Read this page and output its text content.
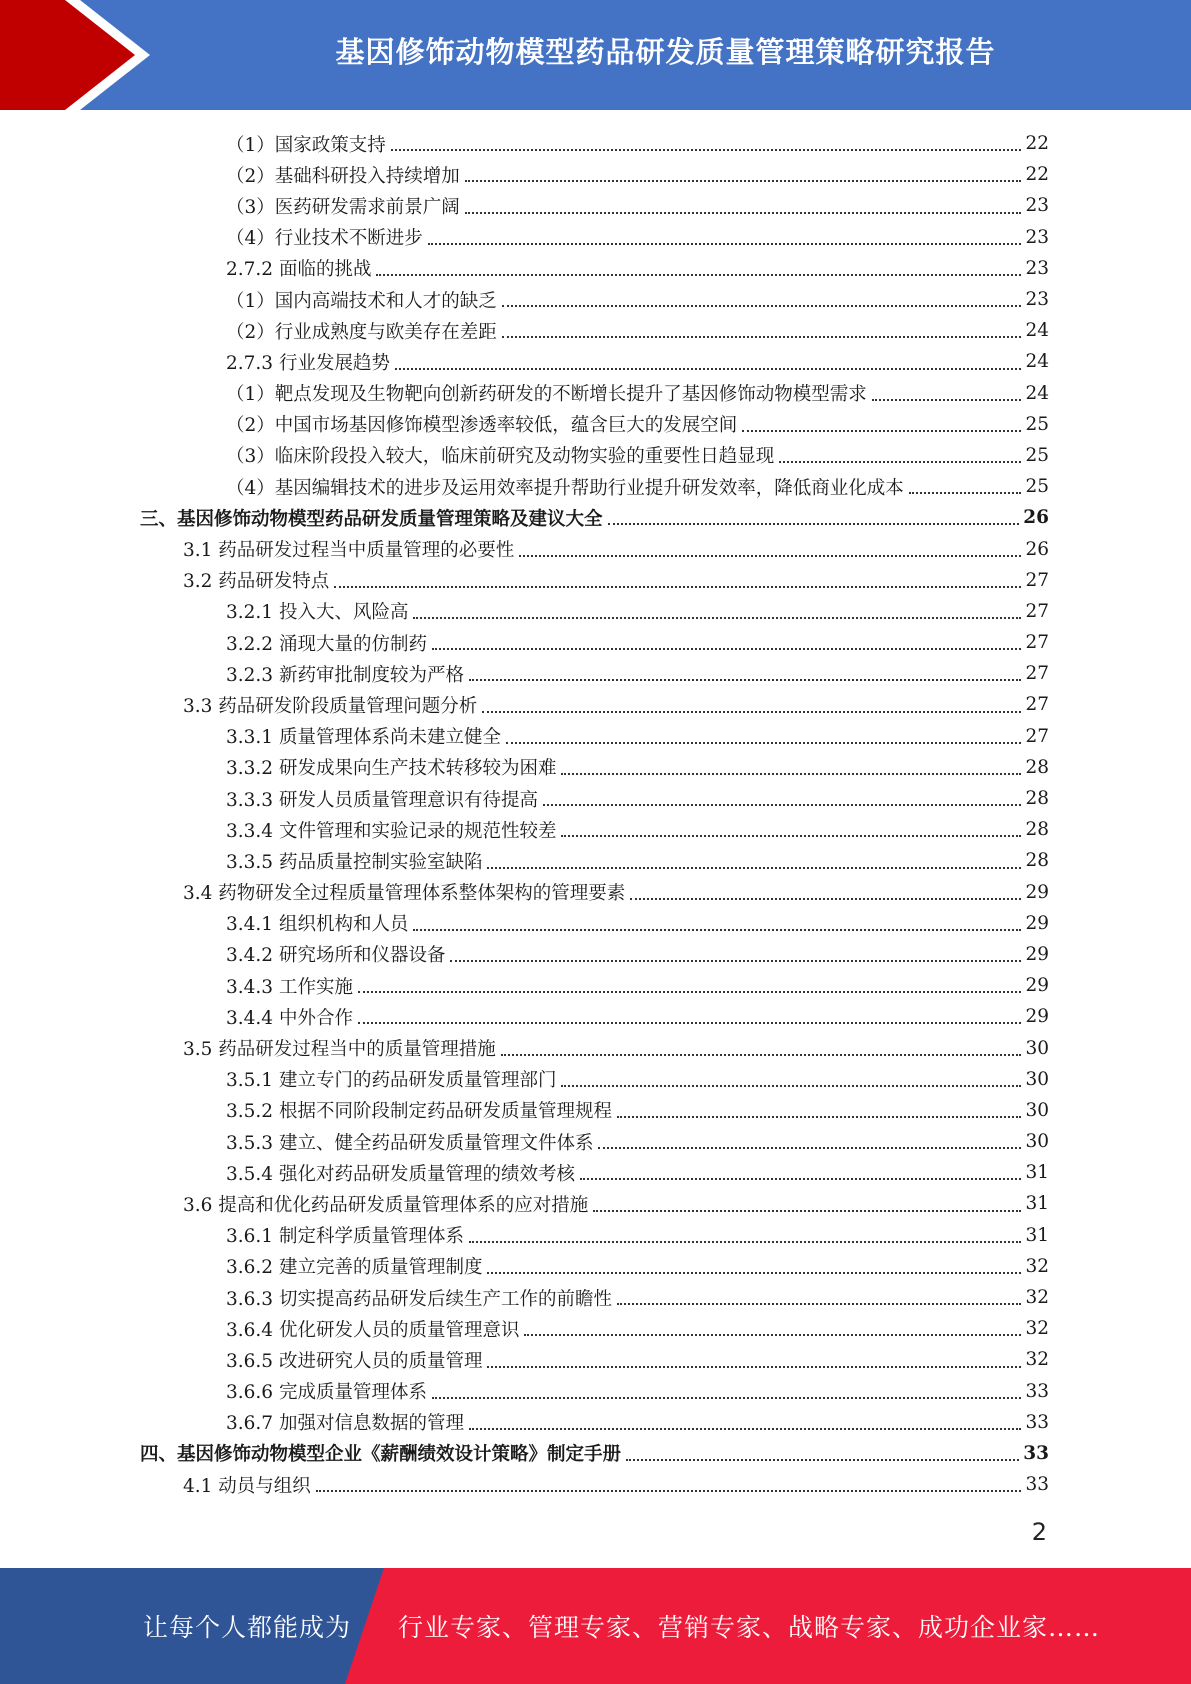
基因修饰动物模型药品研发质量管理策略研究报告
（1）国家政策支持	22
（2）基础科研投入持续增加	22
（3）医药研发需求前景广阔	23
（4）行业技术不断进步	23
2.7.2 面临的挑战	23
（1）国内高端技术和人才的缺乏	23
（2）行业成熟度与欧美存在差距	24
2.7.3 行业发展趋势	24
（1）靶点发现及生物靶向创新药研发的不断增长提升了基因修饰动物模型需求	24
（2）中国市场基因修饰模型渗透率较低，蕴含巨大的发展空间	25
（3）临床阶段投入较大，临床前研究及动物实验的重要性日趋显现	25
（4）基因编辑技术的进步及运用效率提升帮助行业提升研发效率，降低商业化成本	25
三、基因修饰动物模型药品研发质量管理策略及建议大全	26
3.1 药品研发过程当中质量管理的必要性	26
3.2 药品研发特点	27
3.2.1 投入大、风险高	27
3.2.2 涌现大量的仿制药	27
3.2.3 新药审批制度较为严格	27
3.3 药品研发阶段质量管理问题分析	27
3.3.1 质量管理体系尚未建立健全	27
3.3.2 研发成果向生产技术转移较为困难	28
3.3.3 研发人员质量管理意识有待提高	28
3.3.4 文件管理和实验记录的规范性较差	28
3.3.5 药品质量控制实验室缺陷	28
3.4 药物研发全过程质量管理体系整体架构的管理要素	29
3.4.1 组织机构和人员	29
3.4.2 研究场所和仪器设备	29
3.4.3 工作实施	29
3.4.4 中外合作	29
3.5 药品研发过程当中的质量管理措施	30
3.5.1 建立专门的药品研发质量管理部门	30
3.5.2 根据不同阶段制定药品研发质量管理规程	30
3.5.3 建立、健全药品研发质量管理文件体系	30
3.5.4 强化对药品研发质量管理的绩效考核	31
3.6 提高和优化药品研发质量管理体系的应对措施	31
3.6.1 制定科学质量管理体系	31
3.6.2 建立完善的质量管理制度	32
3.6.3 切实提高药品研发后续生产工作的前瞻性	32
3.6.4 优化研发人员的质量管理意识	32
3.6.5 改进研究人员的质量管理	32
3.6.6 完成质量管理体系	33
3.6.7 加强对信息数据的管理	33
四、基因修饰动物模型企业《薪酬绩效设计策略》制定手册	33
4.1 动员与组织	33
2
让每个人都能成为 行业专家、管理专家、营销专家、战略专家、成功企业家……
